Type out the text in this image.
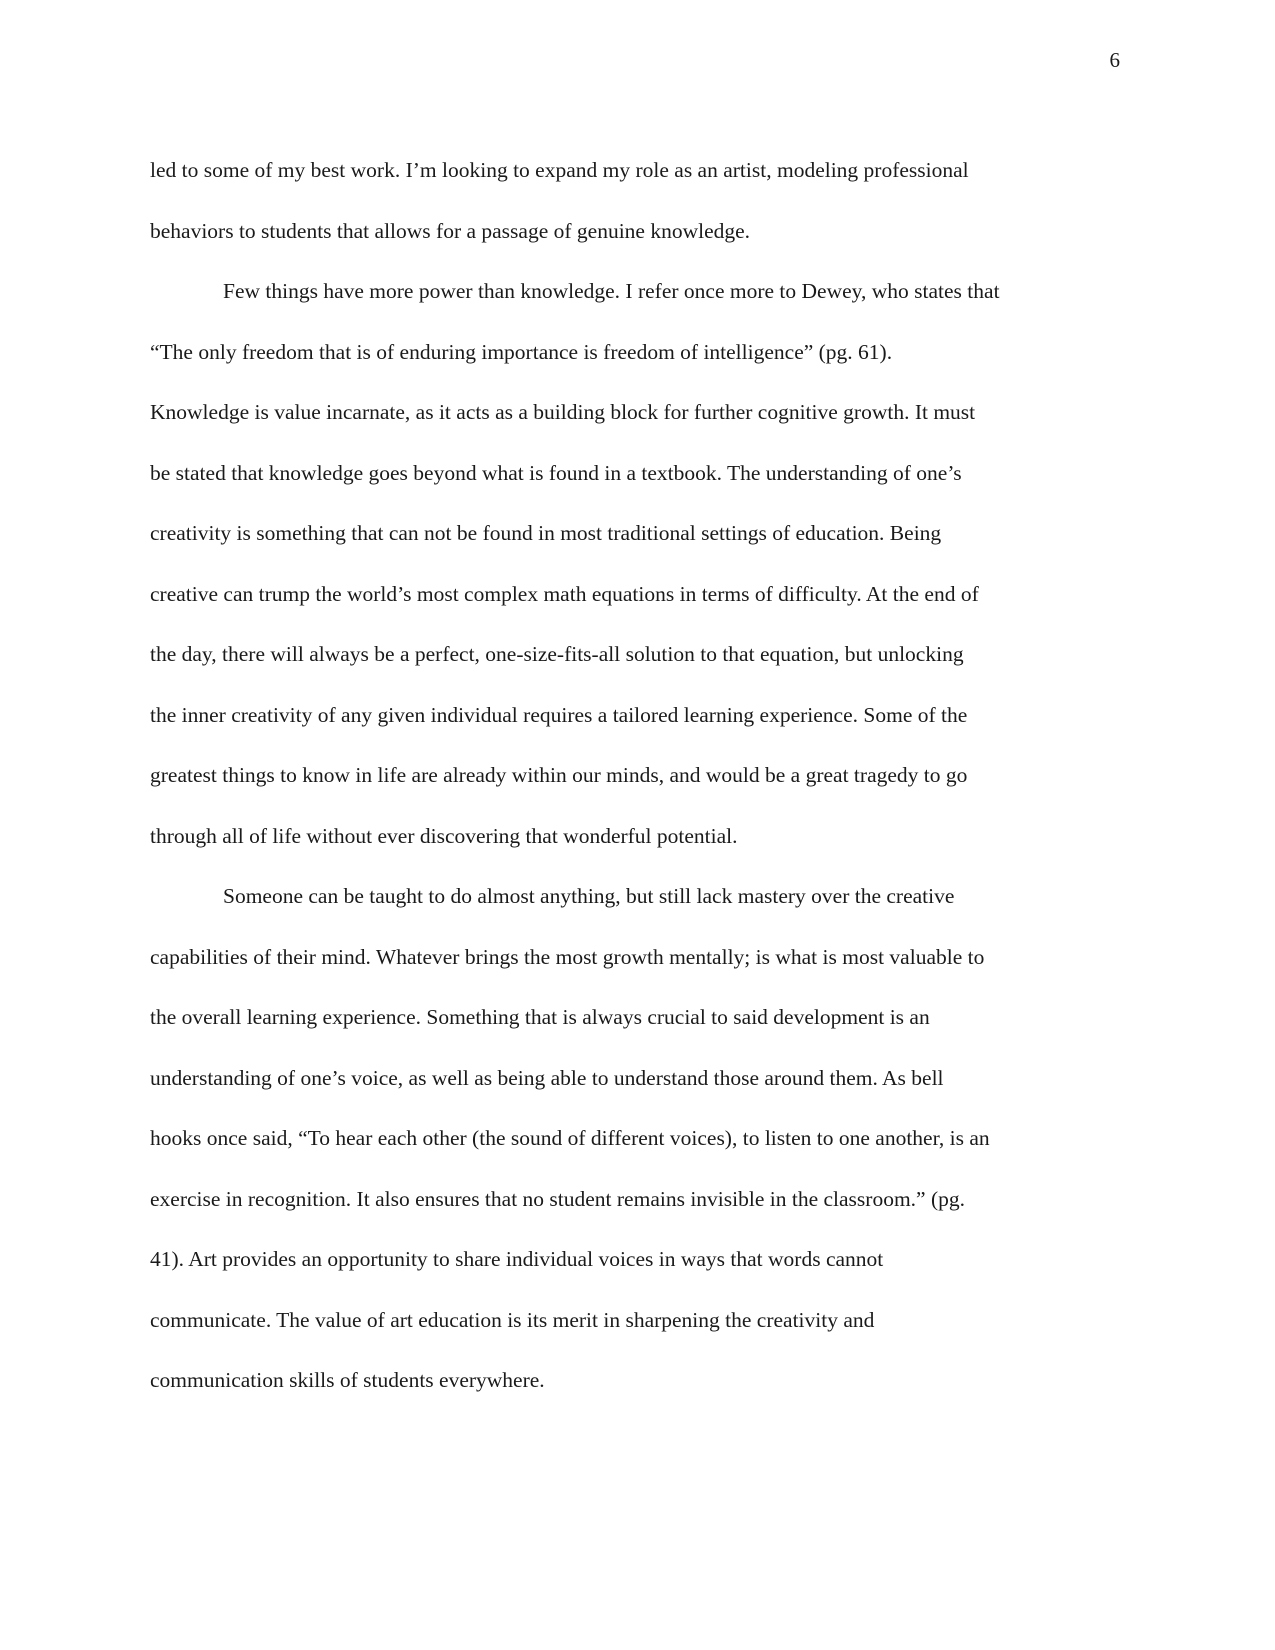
6
led to some of my best work. I’m looking to expand my role as an artist, modeling professional
behaviors to students that allows for a passage of genuine knowledge.
Few things have more power than knowledge. I refer once more to Dewey, who states that
“The only freedom that is of enduring importance is freedom of intelligence” (pg. 61).
Knowledge is value incarnate, as it acts as a building block for further cognitive growth. It must
be stated that knowledge goes beyond what is found in a textbook. The understanding of one’s
creativity is something that can not be found in most traditional settings of education. Being
creative can trump the world’s most complex math equations in terms of difficulty. At the end of
the day, there will always be a perfect, one-size-fits-all solution to that equation, but unlocking
the inner creativity of any given individual requires a tailored learning experience. Some of the
greatest things to know in life are already within our minds, and would be a great tragedy to go
through all of life without ever discovering that wonderful potential.
Someone can be taught to do almost anything, but still lack mastery over the creative
capabilities of their mind. Whatever brings the most growth mentally; is what is most valuable to
the overall learning experience. Something that is always crucial to said development is an
understanding of one’s voice, as well as being able to understand those around them. As bell
hooks once said, “To hear each other (the sound of different voices), to listen to one another, is an
exercise in recognition. It also ensures that no student remains invisible in the classroom.” (pg.
41). Art provides an opportunity to share individual voices in ways that words cannot
communicate. The value of art education is its merit in sharpening the creativity and
communication skills of students everywhere.
